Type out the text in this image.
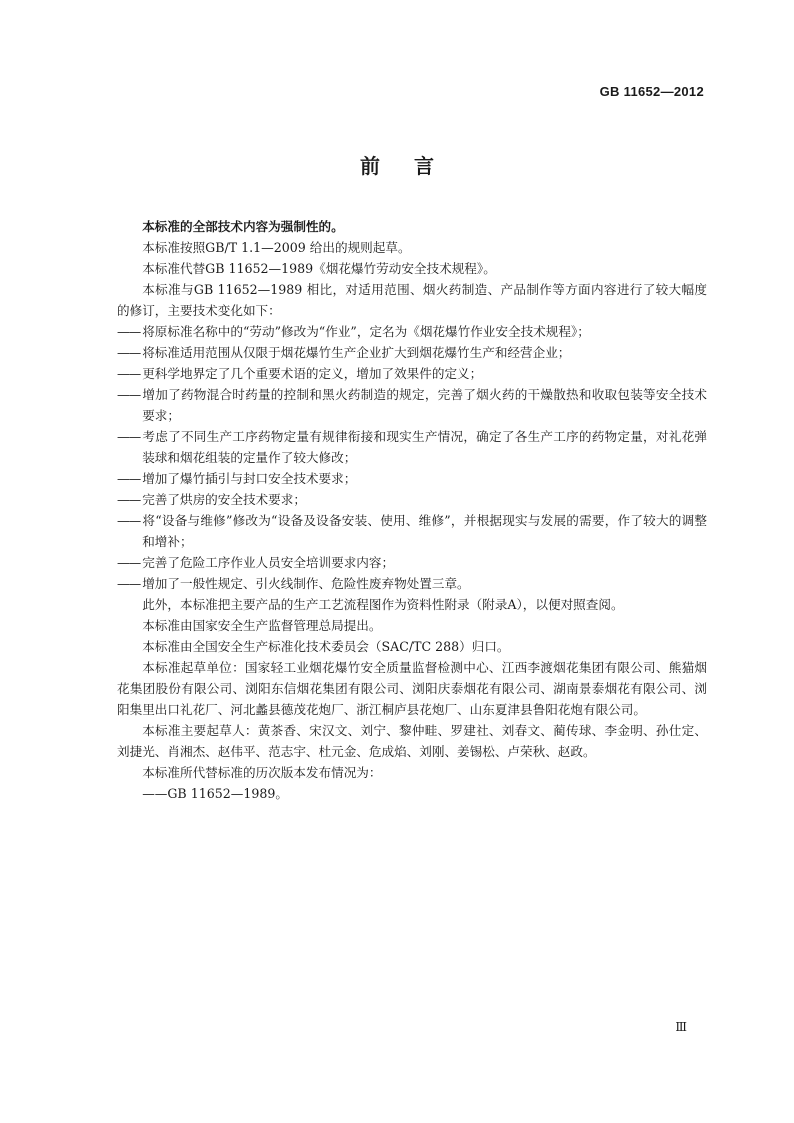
GB 11652—2012
前言

本标准的全部技术内容为强制性的。

本标准按照GB/T 1.1—2009 给出的规则起草。

本标准代替GB 11652—1989《烟花爆竹劳动安全技术规程》。

本标准与GB 11652—1989 相比，对适用范围、烟火药制造、产品制作等方面内容进行了较大幅度的修订，主要技术变化如下：

—— 将原标准名称中的“劳动”修改为“作业”，定名为《烟花爆竹作业安全技术规程》；

—— 将标准适用范围从仅限于烟花爆竹生产企业扩大到烟花爆竹生产和经营企业；

—— 更科学地界定了几个重要术语的定义，增加了效果件的定义；

—— 增加了药物混合时药量的控制和黑火药制造的规定，完善了烟火药的干燥散热和收取包装等安全技术要求；

—— 考虑了不同生产工序药物定量有规律衔接和现实生产情况，确定了各生产工序的药物定量，对礼花弹装球和烟花组装的定量作了较大修改；

—— 增加了爆竹插引与封口安全技术要求；

—— 完善了烘房的安全技术要求；

—— 将“设备与维修”修改为“设备及设备安装、使用、维修”，并根据现实与发展的需要，作了较大的调整和增补；

—— 完善了危险工序作业人员安全培训要求内容；

—— 增加了一般性规定、引火线制作、危险性废弃物处置三章。

此外，本标准把主要产品的生产工艺流程图作为资料性附录（附录A），以便对照查阅。

本标准由国家安全生产监督管理总局提出。

本标准由全国安全生产标准化技术委员会（SAC/TC 288）归口。

本标准起草单位：国家轻工业烟花爆竹安全质量监督检测中心、江西李渡烟花集团有限公司、熊猫烟花集团股份有限公司、浏阳东信烟花集团有限公司、浏阳庆泰烟花有限公司、湖南景泰烟花有限公司、浏阳集里出口礼花厂、河北蠡县德茂花炮厂、浙江桐庐县花炮厂、山东夏津县鲁阳花炮有限公司。

本标准主要起草人：黄茶香、宋汉文、刘宁、黎仲畦、罗建社、刘春文、蔺传球、李金明、孙仕定、刘捷光、肖湘杰、赵伟平、范志宇、杜元金、危成焰、刘刚、姜锡松、卢荣秋、赵政。

本标准所代替标准的历次版本发布情况为：

——GB 11652—1989。

Ⅲ
